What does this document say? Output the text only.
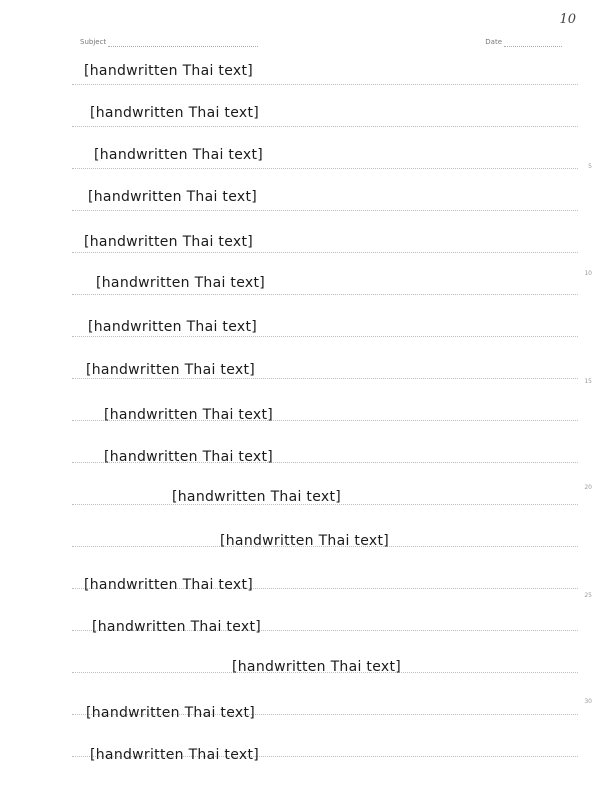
10
Subject	Date
5
10
15
20
25
30
[handwritten Thai text]
[handwritten Thai text]
[handwritten Thai text]
[handwritten Thai text]
[handwritten Thai text]
[handwritten Thai text]
[handwritten Thai text]
[handwritten Thai text]
[handwritten Thai text]
[handwritten Thai text]
[handwritten Thai text]
[handwritten Thai text]
[handwritten Thai text]
[handwritten Thai text]
[handwritten Thai text]
[handwritten Thai text]
[handwritten Thai text]
